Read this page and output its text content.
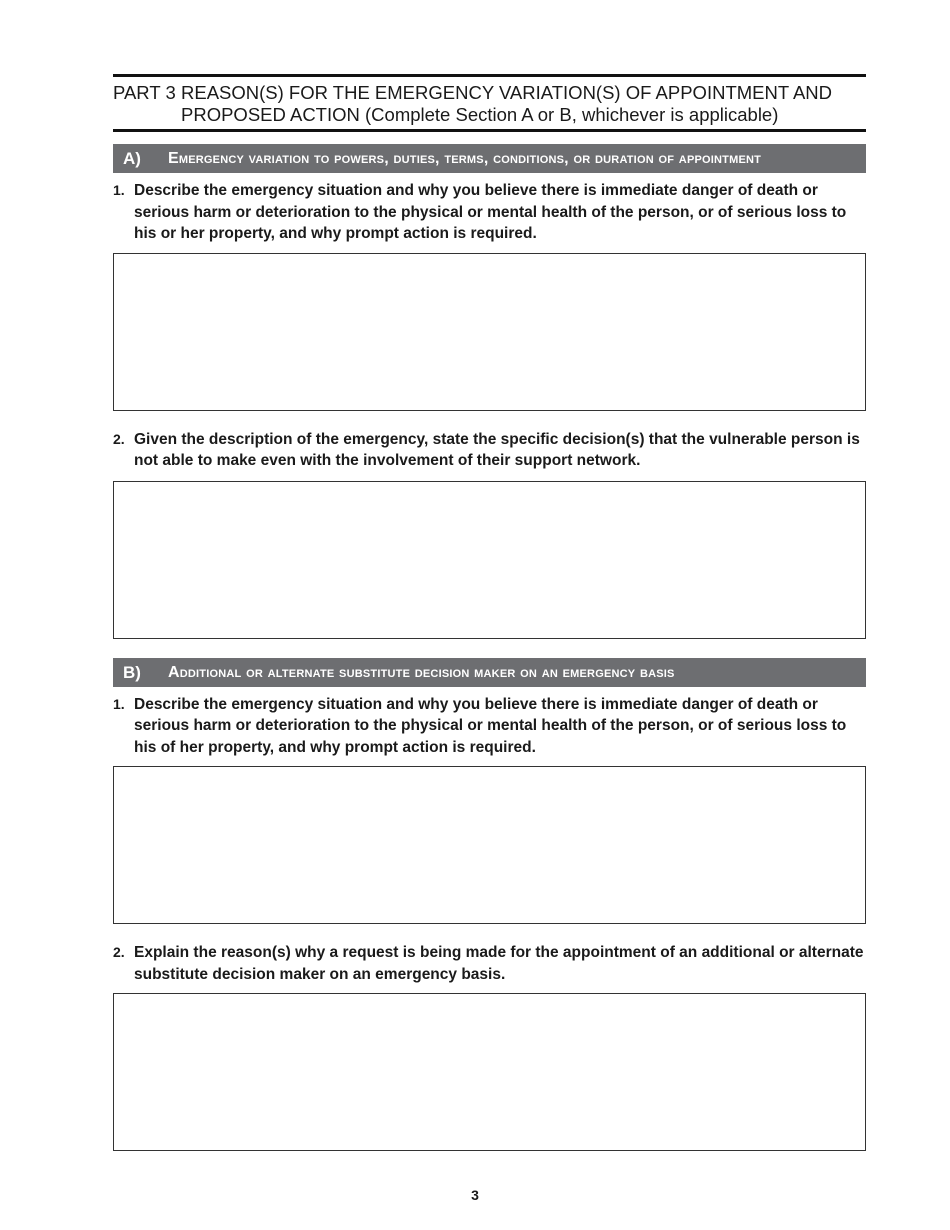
PART 3 REASON(S) FOR THE EMERGENCY VARIATION(S) OF APPOINTMENT AND PROPOSED ACTION (Complete Section A or B, whichever is applicable)
A)	Emergency variation to powers, duties, terms, conditions, or duration of appointment
1. Describe the emergency situation and why you believe there is immediate danger of death or serious harm or deterioration to the physical or mental health of the person, or of serious loss to his or her property, and why prompt action is required.
2. Given the description of the emergency, state the specific decision(s) that the vulnerable person is not able to make even with the involvement of their support network.
B)	Additional or alternate substitute decision maker on an emergency basis
1. Describe the emergency situation and why you believe there is immediate danger of death or serious harm or deterioration to the physical or mental health of the person, or of serious loss to his of her property, and why prompt action is required.
2. Explain the reason(s) why a request is being made for the appointment of an additional or alternate substitute decision maker on an emergency basis.
3
